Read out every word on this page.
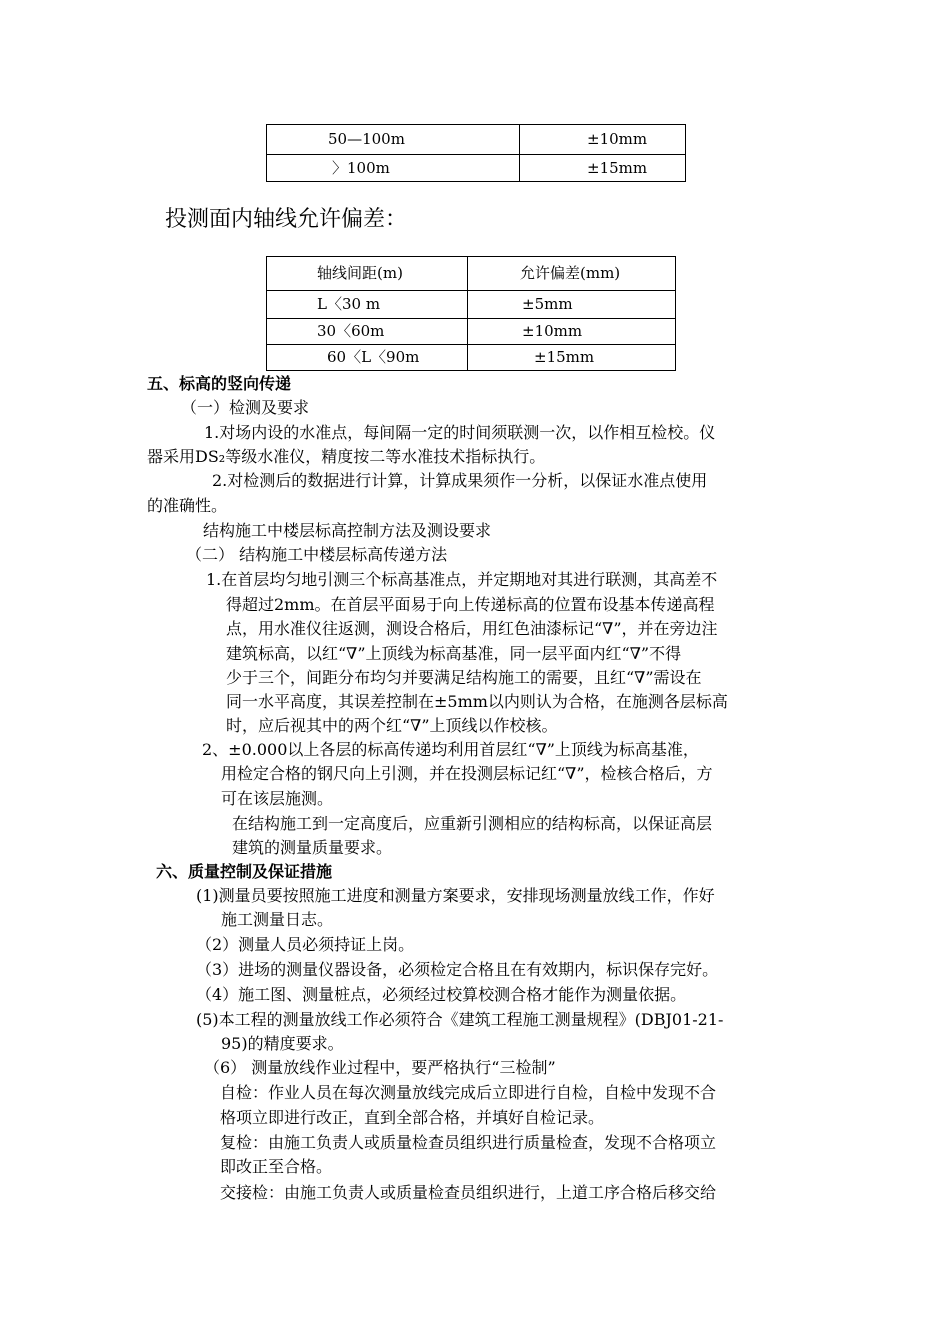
50—100m	±10mm
〉100m	±15mm
投测面内轴线允许偏差：
轴线间距(m)	允许偏差(mm)
L〈30 m	±5mm
30〈60m	±10mm
60〈L〈90m	±15mm
五、标高的竖向传递
（一）检测及要求
1.对场内设的水准点，每间隔一定的时间须联测一次，以作相互检校。仪
器采用DS₂等级水准仪，精度按二等水准技术指标执行。
2.对检测后的数据进行计算，计算成果须作一分析，以保证水准点使用
的准确性。
结构施工中楼层标高控制方法及测设要求
（二） 结构施工中楼层标高传递方法
1.在首层均匀地引测三个标高基准点，并定期地对其进行联测，其高差不
得超过2mm。在首层平面易于向上传递标高的位置布设基本传递高程
点，用水准仪往返测，测设合格后，用红色油漆标记“∇”，并在旁边注
建筑标高，以红“∇”上顶线为标高基准，同一层平面内红“∇”不得
少于三个，间距分布均匀并要满足结构施工的需要，且红“∇”需设在
同一水平高度，其误差控制在±5mm以内则认为合格，在施测各层标高
时，应后视其中的两个红“∇”上顶线以作校核。
2、±0.000以上各层的标高传递均利用首层红“∇”上顶线为标高基准，
用检定合格的钢尺向上引测，并在投测层标记红“∇”，检核合格后，方
可在该层施测。
在结构施工到一定高度后，应重新引测相应的结构标高，以保证高层
建筑的测量质量要求。
六、质量控制及保证措施
(1)测量员要按照施工进度和测量方案要求，安排现场测量放线工作，作好
施工测量日志。
（2）测量人员必须持证上岗。
（3）进场的测量仪器设备，必须检定合格且在有效期内，标识保存完好。
（4）施工图、测量桩点，必须经过校算校测合格才能作为测量依据。
(5)本工程的测量放线工作必须符合《建筑工程施工测量规程》(DBJ01-21-
95)的精度要求。
（6） 测量放线作业过程中，要严格执行“三检制”
自检：作业人员在每次测量放线完成后立即进行自检，自检中发现不合
格项立即进行改正，直到全部合格，并填好自检记录。
复检：由施工负责人或质量检查员组织进行质量检查，发现不合格项立
即改正至合格。
交接检：由施工负责人或质量检查员组织进行，上道工序合格后移交给
